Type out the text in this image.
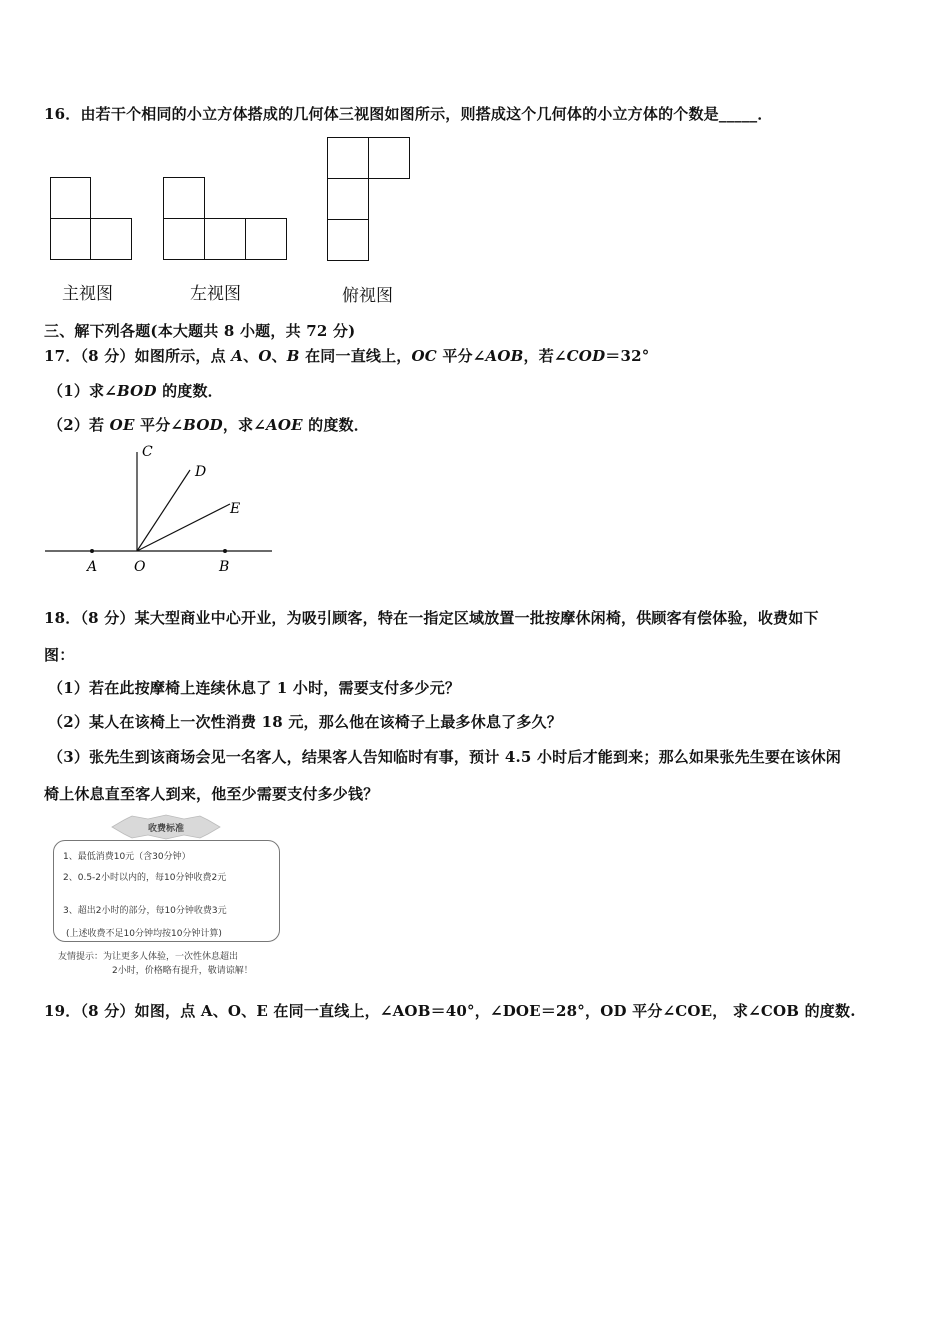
16．由若干个相同的小立方体搭成的几何体三视图如图所示，则搭成这个几何体的小立方体的个数是_____．
主视图	左视图	俯视图
三、解下列各题(本大题共 8 小题，共 72 分)
17．（8 分）如图所示，点 A、O、B 在同一直线上，OC 平分∠AOB，若∠COD＝32°
（1）求∠BOD 的度数．
（2）若 OE 平分∠BOD，求∠AOE 的度数．
C
D
E
A	O	B
18．（8 分）某大型商业中心开业，为吸引顾客，特在一指定区域放置一批按摩休闲椅，供顾客有偿体验，收费如下
图：
（1）若在此按摩椅上连续休息了 1 小时，需要支付多少元？
（2）某人在该椅上一次性消费 18 元，那么他在该椅子上最多休息了多久？
（3）张先生到该商场会见一名客人，结果客人告知临时有事，预计 4.5 小时后才能到来；那么如果张先生要在该休闲
椅上休息直至客人到来，他至少需要支付多少钱？
收费标准
1、最低消费10元（含30分钟）
2、0.5-2小时以内的，每10分钟收费2元
3、超出2小时的部分，每10分钟收费3元
(上述收费不足10分钟均按10分钟计算)
友情提示：为让更多人体验，一次性休息超出
2小时，价格略有提升，敬请谅解！
19．（8 分）如图，点 A、O、E 在同一直线上，∠AOB＝40°，∠DOE＝28°，OD 平分∠COE， 求∠COB 的度数.
